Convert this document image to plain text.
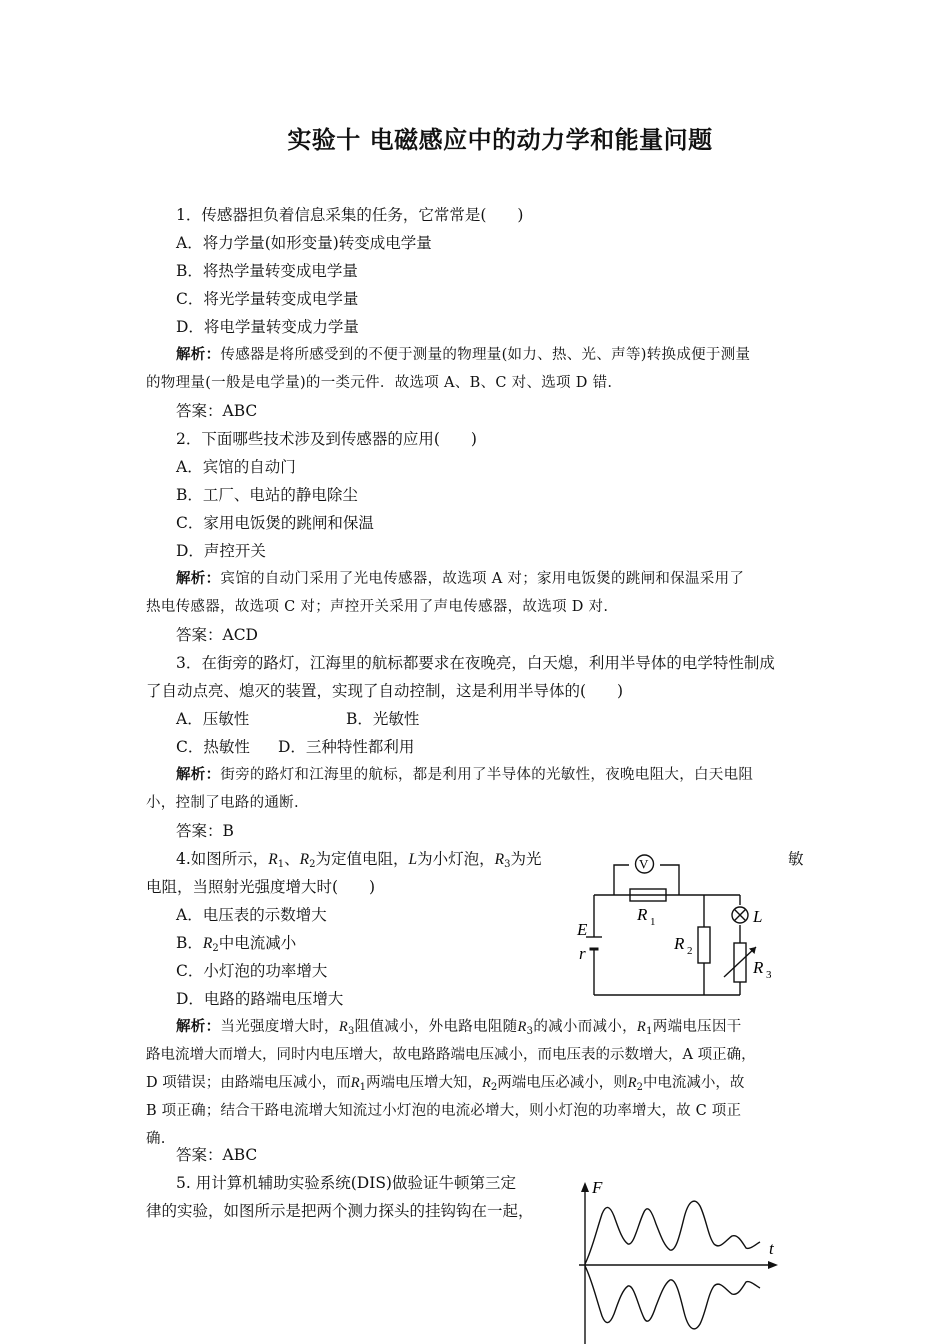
实验十 电磁感应中的动力学和能量问题
1．传感器担负着信息采集的任务，它常常是(　　)
A．将力学量(如形变量)转变成电学量
B．将热学量转变成电学量
C．将光学量转变成电学量
D．将电学量转变成力学量
解析：传感器是将所感受到的不便于测量的物理量(如力、热、光、声等)转换成便于测量
的物理量(一般是电学量)的一类元件．故选项 A、B、C 对、选项 D 错.
答案：ABC
2．下面哪些技术涉及到传感器的应用(　　)
A．宾馆的自动门
B．工厂、电站的静电除尘
C．家用电饭煲的跳闸和保温
D．声控开关
解析：宾馆的自动门采用了光电传感器，故选项 A 对；家用电饭煲的跳闸和保温采用了
热电传感器，故选项 C 对；声控开关采用了声电传感器，故选项 D 对.
答案：ACD
3．在街旁的路灯，江海里的航标都要求在夜晚亮，白天熄，利用半导体的电学特性制成
了自动点亮、熄灭的装置，实现了自动控制，这是利用半导体的(　　)
A．压敏性	B．光敏性
C．热敏性 D．三种特性都利用
解析：街旁的路灯和江海里的航标，都是利用了半导体的光敏性，夜晚电阻大，白天电阻
小，控制了电路的通断.
答案：B
4.如图所示，$R_1$、$R_2$为定值电阻，L为小灯泡，$R_3$为光	敏
电阻，当照射光强度增大时(　　)
A．电压表的示数增大
B．$R_2$中电流减小
C．小灯泡的功率增大
D．电路的路端电压增大
解析：当光强度增大时，$R_3$阻值减小，外电路电阻随$R_3$的减小而减小，$R_1$两端电压因干
路电流增大而增大，同时内电压增大，故电路路端电压减小，而电压表的示数增大，A 项正确，
D 项错误；由路端电压减小，而$R_1$两端电压增大知，$R_2$两端电压必减小，则$R_2$中电流减小，故
B 项正确；结合干路电流增大知流过小灯泡的电流必增大，则小灯泡的功率增大，故 C 项正
确.
答案：ABC
V
E
r
R 1
R 2
R 3
L
5. 用计算机辅助实验系统(DIS)做验证牛顿第三定
律的实验，如图所示是把两个测力探头的挂钩钩在一起，
F
t
